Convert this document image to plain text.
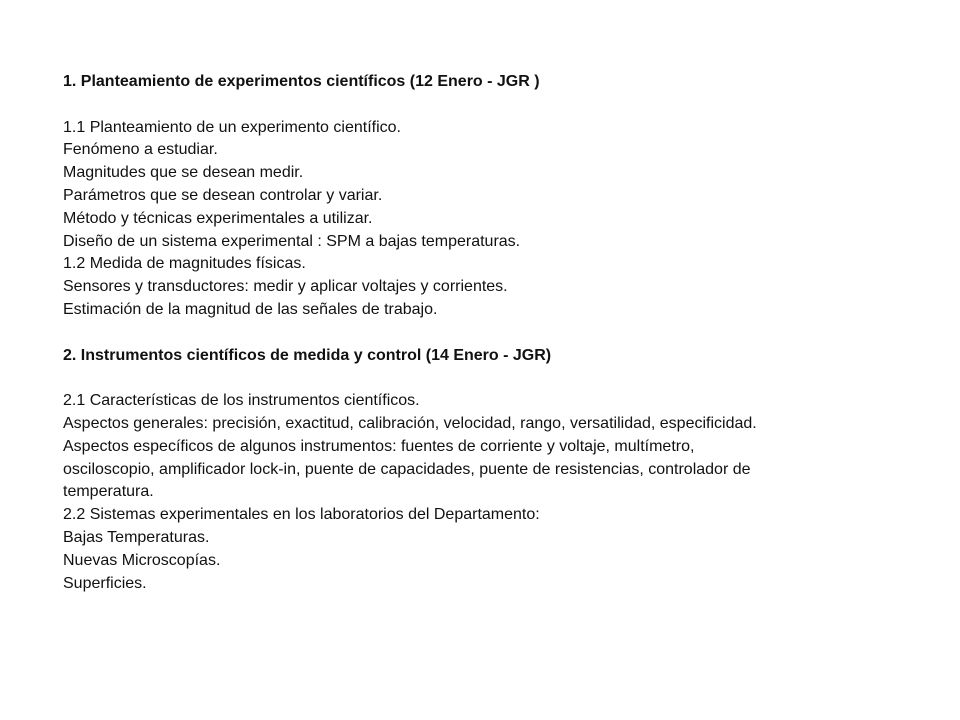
1. Planteamiento de experimentos científicos (12 Enero - JGR )
1.1 Planteamiento de un experimento científico.
Fenómeno a estudiar.
Magnitudes que se desean medir.
Parámetros que se desean controlar y variar.
Método y técnicas experimentales a utilizar.
Diseño de un sistema experimental : SPM a bajas temperaturas.
1.2 Medida de magnitudes físicas.
Sensores y transductores: medir y aplicar voltajes y corrientes.
Estimación de la magnitud de las señales de trabajo.
2. Instrumentos científicos de medida y control (14 Enero - JGR)
2.1 Características de los instrumentos científicos.
Aspectos generales: precisión, exactitud, calibración, velocidad, rango, versatilidad, especificidad.
Aspectos específicos de algunos instrumentos: fuentes de corriente y voltaje, multímetro,
osciloscopio, amplificador lock-in, puente de capacidades, puente de resistencias, controlador de
temperatura.
2.2 Sistemas experimentales en los laboratorios del Departamento:
Bajas Temperaturas.
Nuevas Microscopías.
Superficies.
